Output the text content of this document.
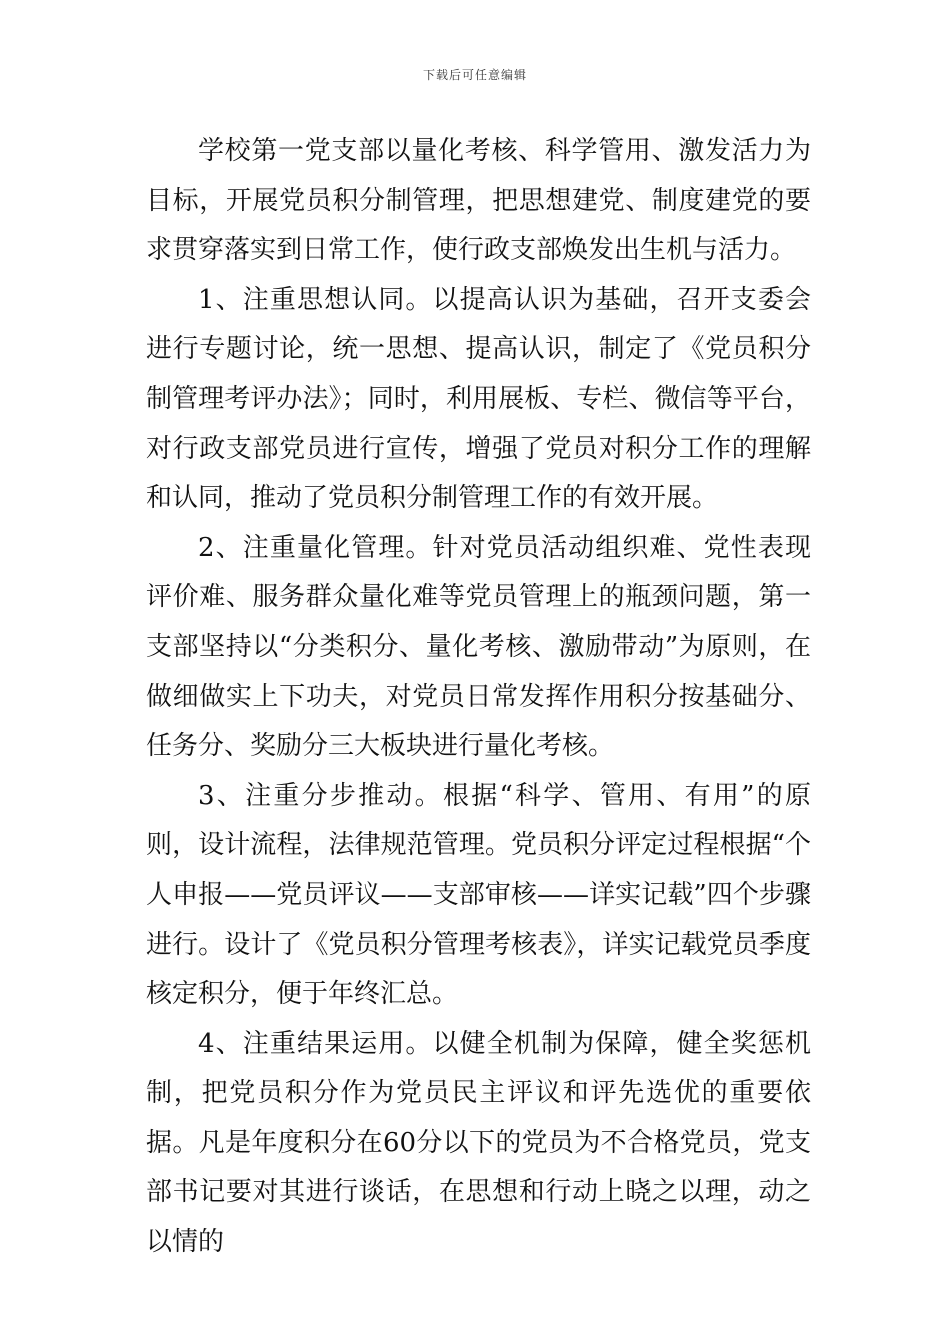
下载后可任意编辑

学校第一党支部以量化考核、科学管用、激发活力为目标，开展党员积分制管理，把思想建党、制度建党的要求贯穿落实到日常工作，使行政支部焕发出生机与活力。

1、注重思想认同。以提高认识为基础，召开支委会进行专题讨论，统一思想、提高认识，制定了《党员积分制管理考评办法》；同时，利用展板、专栏、微信等平台，对行政支部党员进行宣传，增强了党员对积分工作的理解和认同，推动了党员积分制管理工作的有效开展。

2、注重量化管理。针对党员活动组织难、党性表现评价难、服务群众量化难等党员管理上的瓶颈问题，第一支部坚持以“分类积分、量化考核、激励带动”为原则，在做细做实上下功夫，对党员日常发挥作用积分按基础分、任务分、奖励分三大板块进行量化考核。

3、注重分步推动。根据“科学、管用、有用”的原则，设计流程，法律规范管理。党员积分评定过程根据“个人申报——党员评议——支部审核——详实记载”四个步骤进行。设计了《党员积分管理考核表》，详实记载党员季度核定积分，便于年终汇总。

4、注重结果运用。以健全机制为保障，健全奖惩机制，把党员积分作为党员民主评议和评先选优的重要依据。凡是年度积分在60分以下的党员为不合格党员，党支部书记要对其进行谈话，在思想和行动上晓之以理，动之以情的
